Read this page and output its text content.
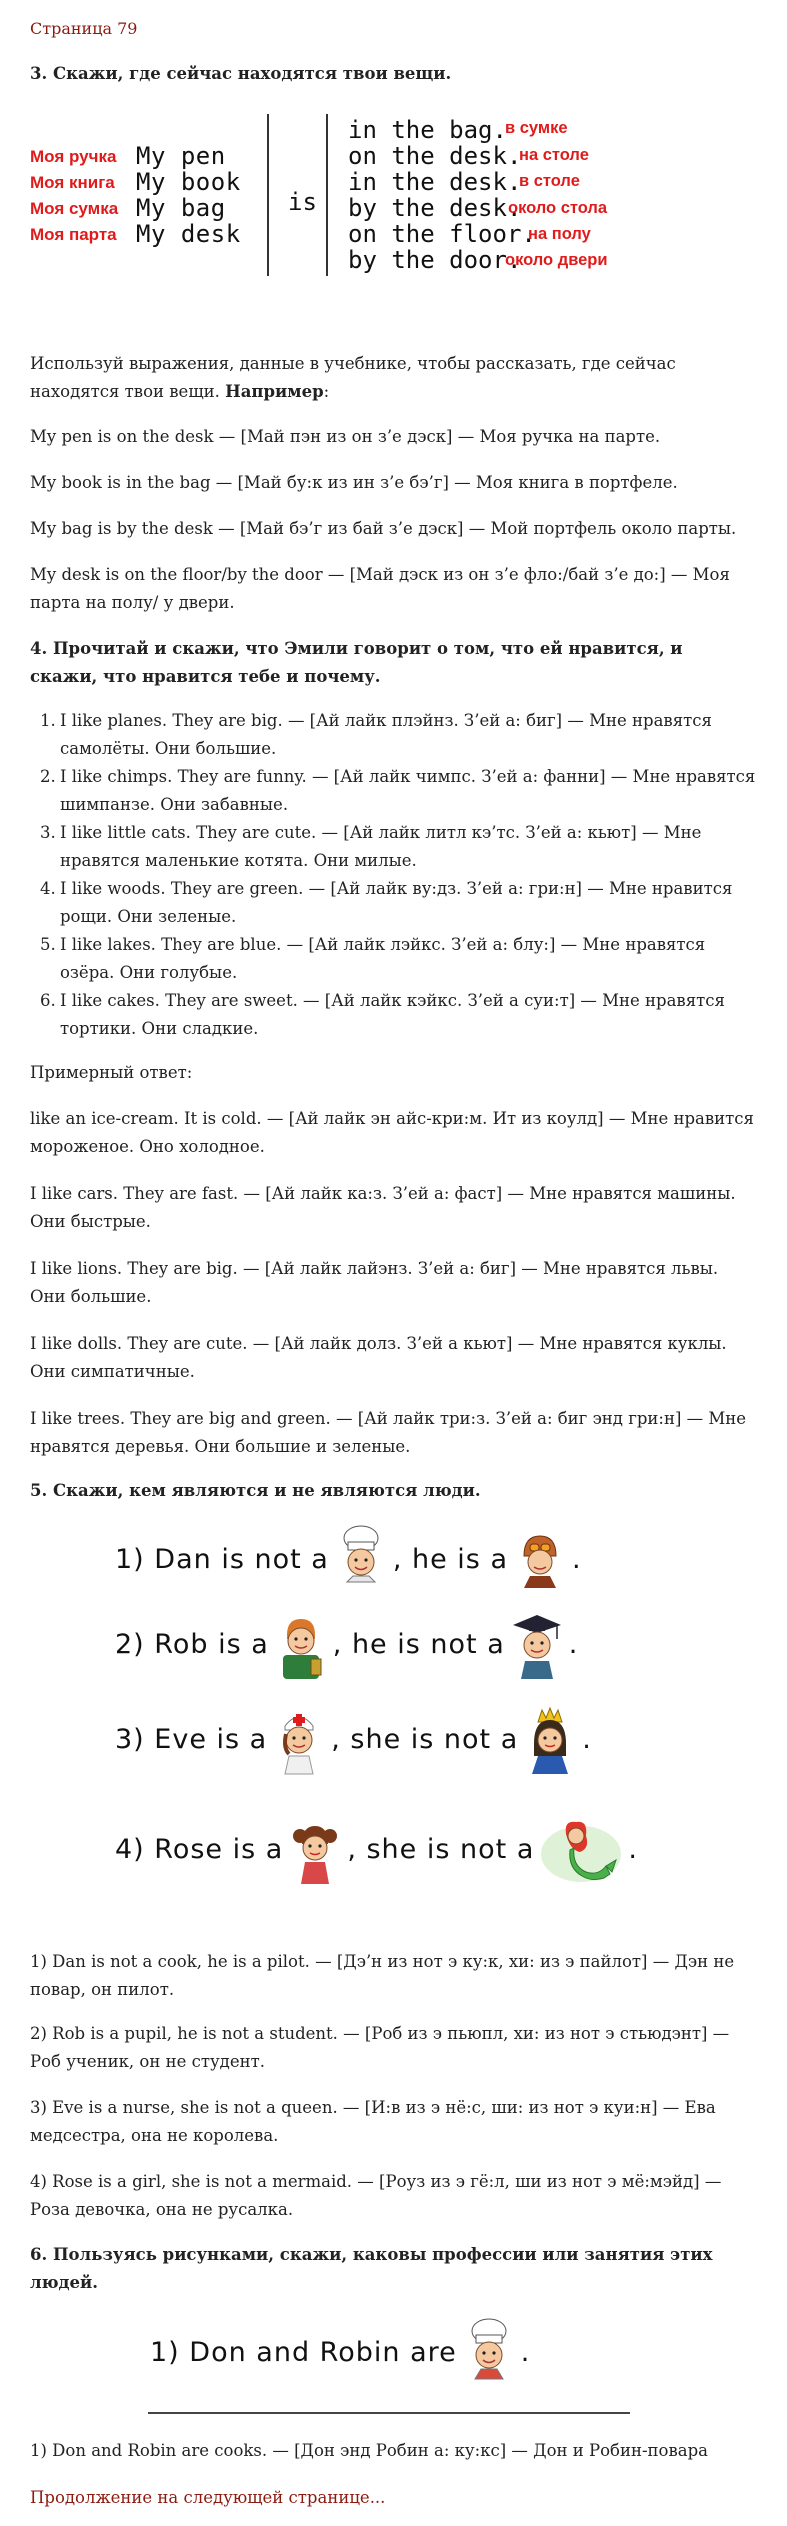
Страница 79
3. Скажи, где сейчас находятся твои вещи.
Моя ручка My pen
Моя книга My book
Моя сумка My bag
Моя парта My desk
is
in the bag.
в сумке
on the desk.
на столе
in the desk.
в столе
by the desk.
около стола
on the floor.
на полу
by the door.
около двери
Используй выражения, данные в учебнике, чтобы рассказать, где сейчас находятся твои вещи. Например:
My pen is on the desk — [Май пэн из он з’е дэск] — Моя ручка на парте.
My book is in the bag — [Май бу:к из ин з’е бэ’г] — Моя книга в портфеле.
My bag is by the desk — [Май бэ’г из бай з’е дэск] — Мой портфель около парты.
My desk is on the floor/by the door — [Май дэск из он з’е фло:/бай з’е до:] — Моя парта на полу/ у двери.
4. Прочитай и скажи, что Эмили говорит о том, что ей нравится, и скажи, что нравится тебе и почему.
1. I like planes. They are big. — [Ай лайк плэйнз. З’ей а: биг] — Мне нравятся самолёты. Они большие.
2. I like chimps. They are funny. — [Ай лайк чимпс. З’ей а: фанни] — Мне нравятся шимпанзе. Они забавные.
3. I like little cats. They are cute. — [Ай лайк литл кэ’тс. З’ей а: кьют] — Мне нравятся маленькие котята. Они милые.
4. I like woods. They are green. — [Ай лайк ву:дз. З’ей а: гри:н] — Мне нравится рощи. Они зеленые.
5. I like lakes. They are blue. — [Ай лайк лэйкс. З’ей а: блу:] — Мне нравятся озёра. Они голубые.
6. I like cakes. They are sweet. — [Ай лайк кэйкс. З’ей а суи:т] — Мне нравятся тортики. Они сладкие.
Примерный ответ:
like an ice-cream. It is cold. — [Ай лайк эн айс-кри:м. Ит из коулд] — Мне нравится мороженое. Оно холодное.
I like cars. They are fast. — [Ай лайк ка:з. З’ей а: фаст] — Мне нравятся машины. Они быстрые.
I like lions. They are big. — [Ай лайк лайэнз. З’ей а: биг] — Мне нравятся львы. Они большие.
I like dolls. They are cute. — [Ай лайк долз. З’ей а кьют] — Мне нравятся куклы. Они симпатичные.
I like trees. They are big and green. — [Ай лайк три:з. З’ей а: биг энд гри:н] — Мне нравятся деревья. Они большие и зеленые.
5. Скажи, кем являются и не являются люди.
1) Dan is not a , he is a .
2) Rob is a , he is not a .
3) Eve is a , she is not a .
4) Rose is a , she is not a	.
1) Dan is not a cook, he is a pilot. — [Дэ’н из нот э ку:к, хи: из э пайлот] — Дэн не повар, он пилот.
2) Rob is a pupil, he is not a student. — [Роб из э пьюпл, хи: из нот э стьюдэнт] — Роб ученик, он не студент.
3) Eve is a nurse, she is not a queen. — [И:в из э нё:с, ши: из нот э куи:н] — Ева медсестра, она не королева.
4) Rose is a girl, she is not a mermaid. — [Роуз из э гё:л, ши из нот э мё:мэйд] — Роза девочка, она не русалка.
6. Пользуясь рисунками, скажи, каковы профессии или занятия этих людей.
1) Don and Robin are .
1) Don and Robin are cooks. — [Дон энд Робин а: ку:кс] — Дон и Робин-повара
Продолжение на следующей странице...
